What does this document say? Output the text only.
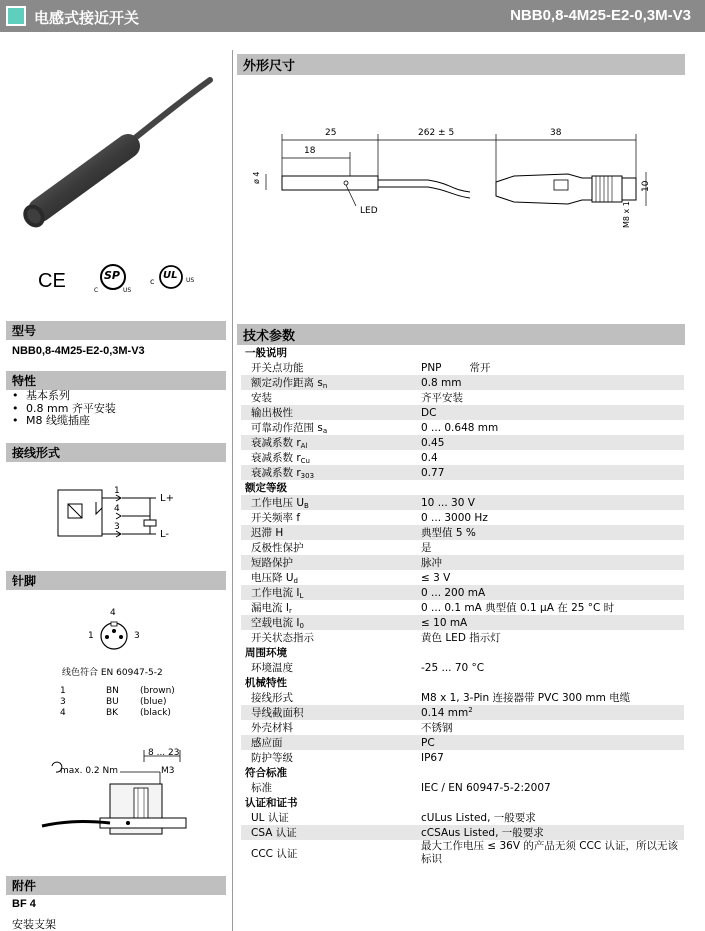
电感式接近开关	NBB0,8-4M25-E2-0,3M-V3
CE	SP
C	US
c
UL US
型号
NBB0,8-4M25-E2-0,3M-V3
特性
• 基本系列
• 0.8 mm 齐平安装
• M8 线缆插座
接线形式
1
4
3
L+
L-
针脚
4
1	3
线色符合 EN 60947-5-2
1	BN	(brown)
3	BU	(blue)
4	BK	(black)
8 ... 23
max. 0.2 Nm	M3
附件
BF 4
安装支架
外形尺寸
25
18
262 ± 5	38
ø 4
10
M8 x 1
LED
技术参数
一般说明	
开关点功能	PNP 常开
额定动作距离 sn	0.8 mm
安装	齐平安装
输出极性	DC
可靠动作范围 sa	0 ... 0.648 mm
衰减系数 rAl	0.45
衰减系数 rCu	0.4
衰减系数 r303	0.77
额定等级	
工作电压 UB	10 ... 30 V
开关频率 f	0 ... 3000 Hz
迟滞 H	典型值 5 %
反极性保护	是
短路保护	脉冲
电压降 Ud	≤ 3 V
工作电流 IL	0 ... 200 mA
漏电流 Ir	0 ... 0.1 mA 典型值 0.1 μA 在 25 °C 时
空载电流 I0	≤ 10 mA
开关状态指示	黄色 LED 指示灯
周围环境	
环境温度	-25 ... 70 °C
机械特性	
接线形式	M8 x 1, 3-Pin 连接器带 PVC 300 mm 电缆
导线截面积	0.14 $mm^2$
外壳材料	不锈钢
感应面	PC
防护等级	IP67
符合标准	
标准	IEC / EN 60947-5-2:2007
认证和证书	
UL 认证	cULus Listed, 一般要求
CSA 认证	cCSAus Listed, 一般要求
CCC 认证	最大工作电压 ≤ 36V 的产品无须 CCC 认证，所以无该
标识
